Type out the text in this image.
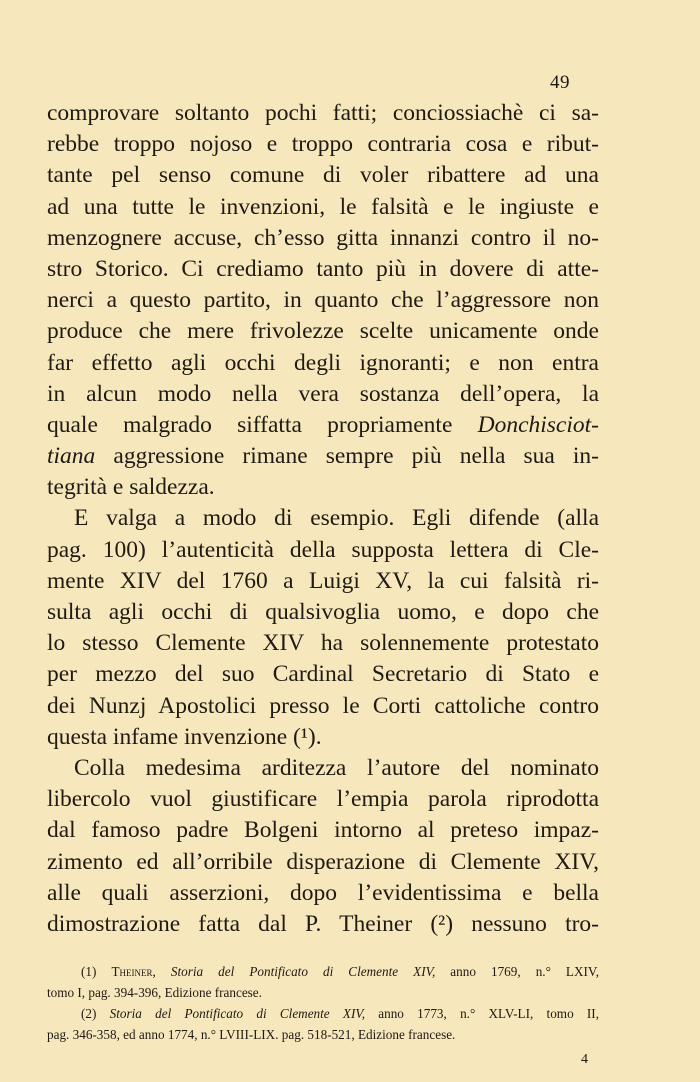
49
comprovare soltanto pochi fatti; conciossiachè ci sa-
rebbe troppo nojoso e troppo contraria cosa e ribut-
tante pel senso comune di voler ribattere ad una
ad una tutte le invenzioni, le falsità e le ingiuste e
menzognere accuse, ch’esso gitta innanzi contro il no-
stro Storico. Ci crediamo tanto più in dovere di atte-
nerci a questo partito, in quanto che l’aggressore non
produce che mere frivolezze scelte unicamente onde
far effetto agli occhi degli ignoranti; e non entra
in alcun modo nella vera sostanza dell’opera, la
quale malgrado siffatta propriamente Donchisciot-
tiana aggressione rimane sempre più nella sua in-
tegrità e saldezza.
E valga a modo di esempio. Egli difende (alla
pag. 100) l’autenticità della supposta lettera di Cle-
mente XIV del 1760 a Luigi XV, la cui falsità ri-
sulta agli occhi di qualsivoglia uomo, e dopo che
lo stesso Clemente XIV ha solennemente protestato
per mezzo del suo Cardinal Secretario di Stato e
dei Nunzj Apostolici presso le Corti cattoliche contro
questa infame invenzione (¹).
Colla medesima arditezza l’autore del nominato
libercolo vuol giustificare l’empia parola riprodotta
dal famoso padre Bolgeni intorno al preteso impaz-
zimento ed all’orribile disperazione di Clemente XIV,
alle quali asserzioni, dopo l’evidentissima e bella
dimostrazione fatta dal P. Theiner (²) nessuno tro-
(1) Theiner, Storia del Pontificato di Clemente XIV, anno 1769, n.° LXIV,
tomo I, pag. 394-396, Edizione francese.
(2) Storia del Pontificato di Clemente XIV, anno 1773, n.° XLV-LI, tomo II,
pag. 346-358, ed anno 1774, n.° LVIII-LIX. pag. 518-521, Edizione francese.
4
